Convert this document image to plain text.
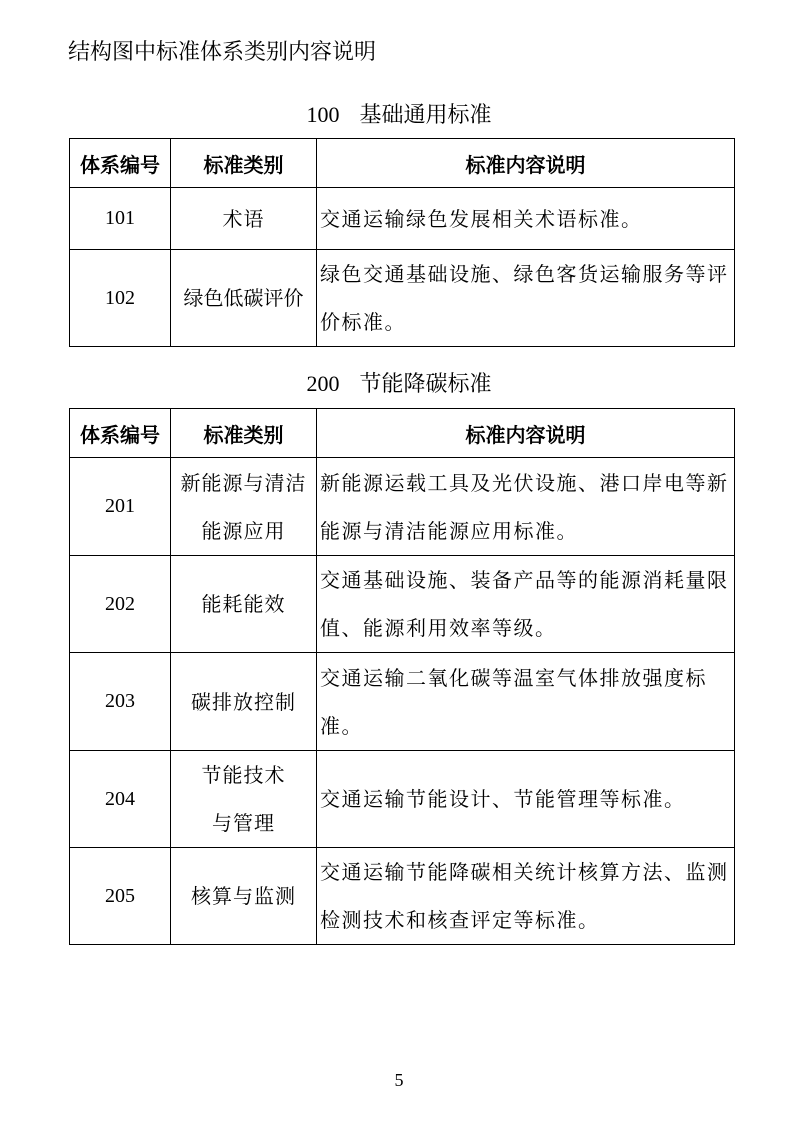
结构图中标准体系类别内容说明
100 基础通用标准
体系编号	标准类别	标准内容说明
101	术语	交通运输绿色发展相关术语标准。
102	绿色低碳评价	绿色交通基础设施、绿色客货运输服务等评价标准。
200 节能降碳标准
体系编号	标准类别	标准内容说明
201	新能源与清洁能源应用	新能源运载工具及光伏设施、港口岸电等新能源与清洁能源应用标准。
202	能耗能效	交通基础设施、装备产品等的能源消耗量限值、能源利用效率等级。
203	碳排放控制	交通运输二氧化碳等温室气体排放强度标准。
204	节能技术与管理	交通运输节能设计、节能管理等标准。
205	核算与监测	交通运输节能降碳相关统计核算方法、监测检测技术和核查评定等标准。
5
